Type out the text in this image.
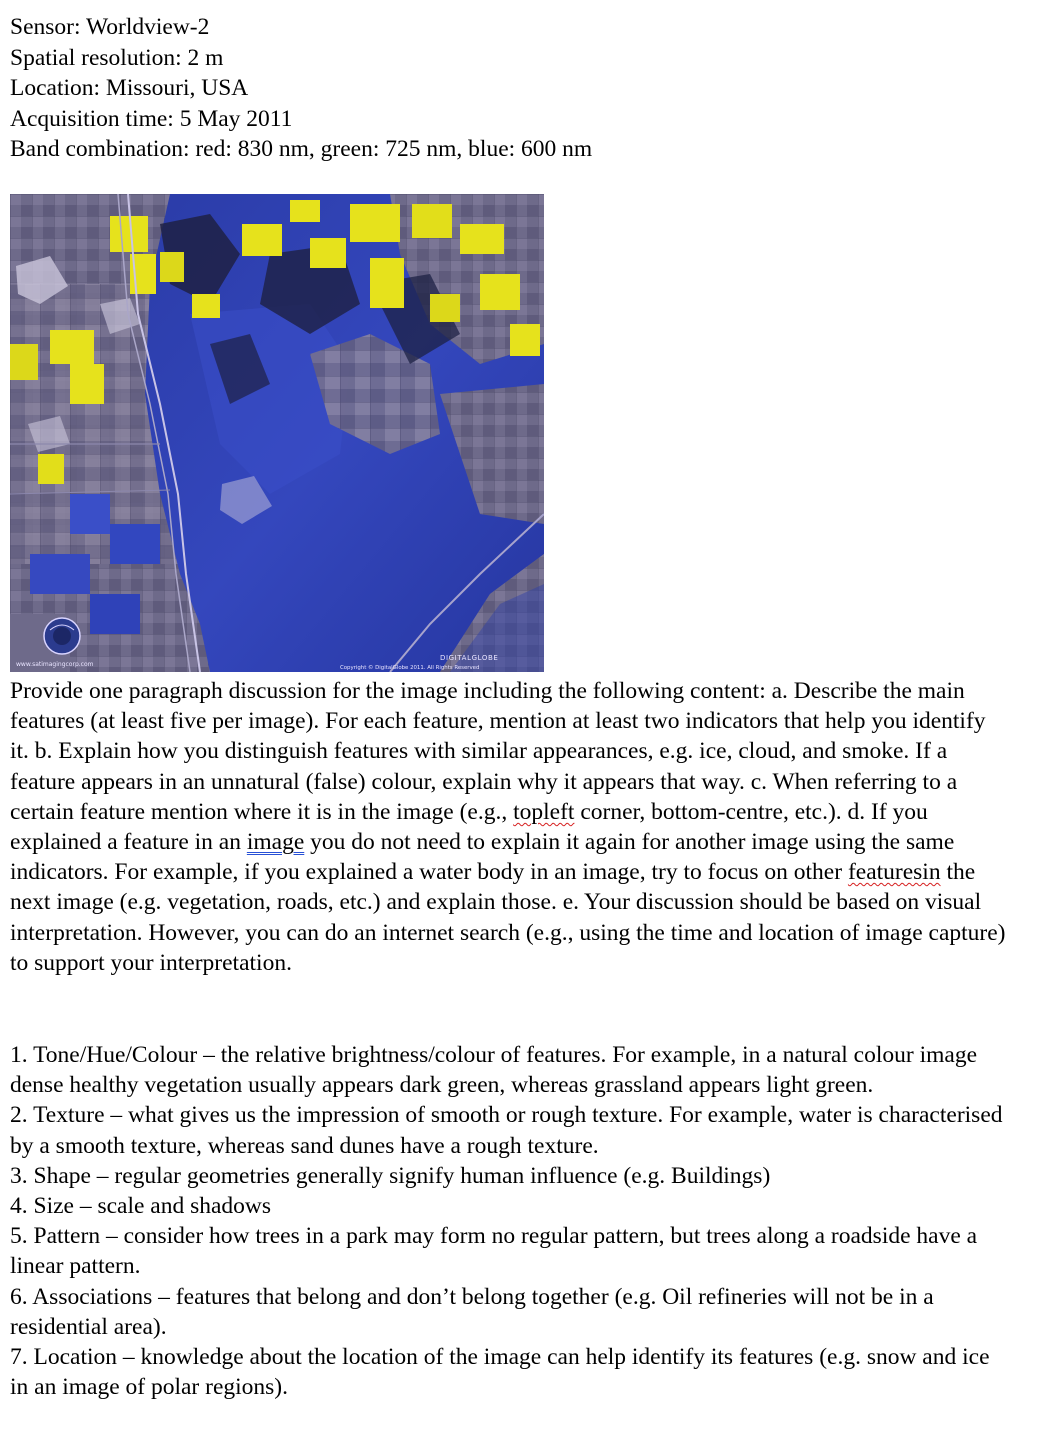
Sensor: Worldview-2
Spatial resolution: 2 m
Location: Missouri, USA
Acquisition time: 5 May 2011
Band combination: red: 830 nm, green: 725 nm, blue: 600 nm
www.satimagingcorp.com
DIGITALGLOBE
Copyright © DigitalGlobe 2011. All Rights Reserved

Provide one paragraph discussion for the image including the following content: a. Describe the main features (at least five per image). For each feature, mention at least two indicators that help you identify it. b. Explain how you distinguish features with similar appearances, e.g. ice, cloud, and smoke. If a feature appears in an unnatural (false) colour, explain why it appears that way. c. When referring to a certain feature mention where it is in the image (e.g., topleft corner, bottom-centre, etc.). d. If you explained a feature in an image you do not need to explain it again for another image using the same indicators. For example, if you explained a water body in an image, try to focus on other featuresin the next image (e.g. vegetation, roads, etc.) and explain those. e. Your discussion should be based on visual interpretation. However, you can do an internet search (e.g., using the time and location of image capture) to support your interpretation.

1. Tone/Hue/Colour – the relative brightness/colour of features. For example, in a natural colour image dense healthy vegetation usually appears dark green, whereas grassland appears light green.
2. Texture – what gives us the impression of smooth or rough texture. For example, water is characterised by a smooth texture, whereas sand dunes have a rough texture.
3. Shape – regular geometries generally signify human influence (e.g. Buildings)
4. Size – scale and shadows
5. Pattern – consider how trees in a park may form no regular pattern, but trees along a roadside have a linear pattern.
6. Associations – features that belong and don’t belong together (e.g. Oil refineries will not be in a residential area).
7. Location – knowledge about the location of the image can help identify its features (e.g. snow and ice in an image of polar regions).
